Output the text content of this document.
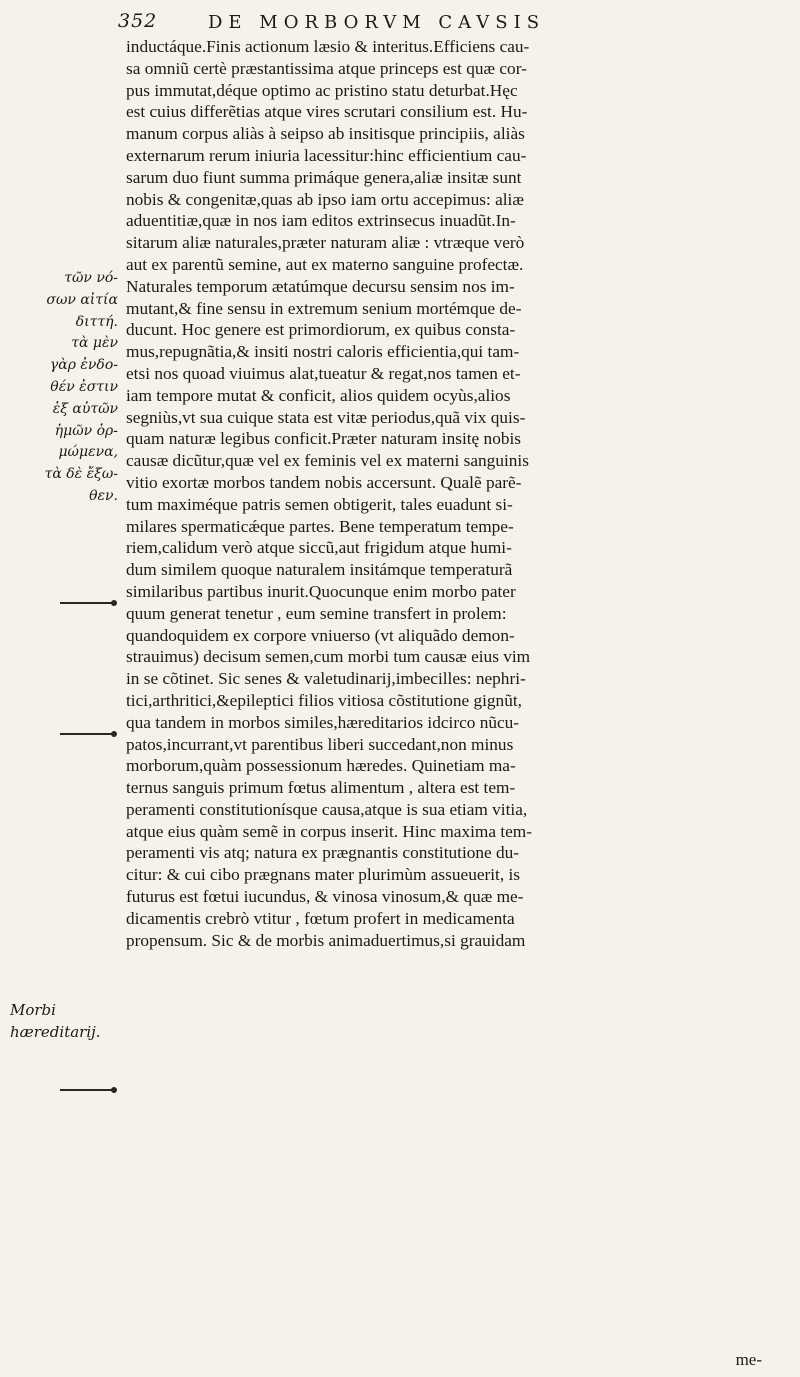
352	DE MORBORVM CAVSIS
τῶν νό-
σων αἰτία
διττή.
τὰ μὲν
γὰρ ἐνδο-
θέν ἐστιν
ἐξ αὐτῶν
ἡμῶν ὁρ-
μώμενα,
τὰ δὲ ἔξω-
θεν.
Morbi
hæreditarij.
inductáque.Finis actionum læsio & interitus.Efficiens cau-
sa omniũ certè præstantissima atque princeps est quæ cor-
pus immutat,déque optimo ac pristino statu deturbat.Hęc
est cuius differẽtias atque vires scrutari consilium est. Hu-
manum corpus aliàs à seipso ab insitisque principiis, aliàs
externarum rerum iniuria lacessitur:hinc efficientium cau-
sarum duo fiunt summa primáque genera,aliæ insitæ sunt
nobis & congenitæ,quas ab ipso iam ortu accepimus: aliæ
aduentitiæ,quæ in nos iam editos extrinsecus inuadũt.In-
sitarum aliæ naturales,præter naturam aliæ : vtræque verò
aut ex parentũ semine, aut ex materno sanguine profectæ.
Naturales temporum ætatúmque decursu sensim nos im-
mutant,& fine sensu in extremum senium mortémque de-
ducunt. Hoc genere est primordiorum, ex quibus consta-
mus,repugnãtia,& insiti nostri caloris efficientia,qui tam-
etsi nos quoad viuimus alat,tueatur & regat,nos tamen et-
iam tempore mutat & conficit, alios quidem ocyùs,alios
segniùs,vt sua cuique stata est vitæ periodus,quã vix quis-
quam naturæ legibus conficit.Præter naturam insitę nobis
causæ dicũtur,quæ vel ex feminis vel ex materni sanguinis
vitio exortæ morbos tandem nobis accersunt. Qualẽ parẽ-
tum maximéque patris semen obtigerit, tales euadunt si-
milares spermaticǽque partes. Bene temperatum tempe-
riem,calidum verò atque siccũ,aut frigidum atque humi-
dum similem quoque naturalem insitámque temperaturã
similaribus partibus inurit.Quocunque enim morbo pater
quum generat tenetur , eum semine transfert in prolem:
quandoquidem ex corpore vniuerso (vt aliquãdo demon-
strauimus) decisum semen,cum morbi tum causæ eius vim
in se cõtinet. Sic senes & valetudinarij,imbecilles: nephri-
tici,arthritici,&epileptici filios vitiosa cõstitutione gignũt,
qua tandem in morbos similes,hæreditarios idcirco nũcu-
patos,incurrant,vt parentibus liberi succedant,non minus
morborum,quàm possessionum hæredes. Quinetiam ma-
ternus sanguis primum fœtus alimentum , altera est tem-
peramenti constitutionísque causa,atque is sua etiam vitia,
atque eius quàm semẽ in corpus inserit. Hinc maxima tem-
peramenti vis atq; natura ex prægnantis constitutione du-
citur: & cui cibo prægnans mater plurimùm assueuerit, is
futurus est fœtui iucundus, & vinosa vinosum,& quæ me-
dicamentis crebrò vtitur , fœtum profert in medicamenta
propensum. Sic & de morbis animaduertimus,si grauidam
me-
